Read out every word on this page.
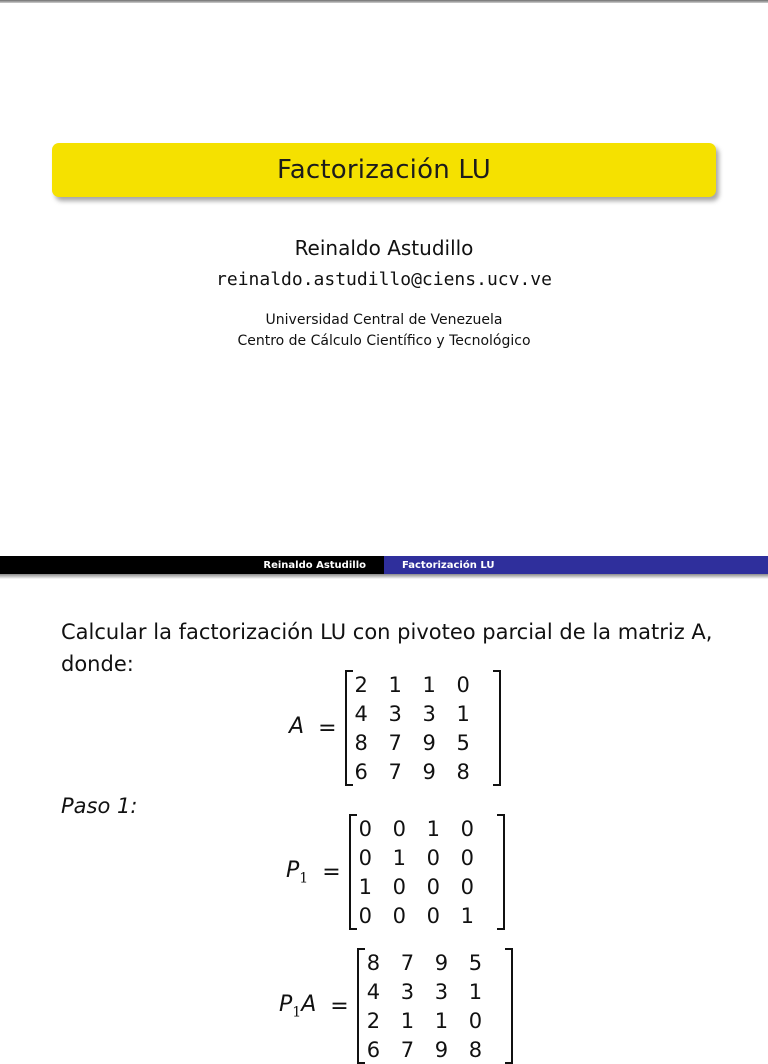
Factorización LU
Reinaldo Astudillo
reinaldo.astudillo@ciens.ucv.ve
Universidad Central de Venezuela
Centro de Cálculo Científico y Tecnológico
Reinaldo Astudillo	Factorización LU
Calcular la factorización LU con pivoteo parcial de la matriz A, donde:
A =
2 1 1 0
4 3 3 1
8 7 9 5
6 7 9 8
Paso 1:
$P_1$ =
0 0 1 0
0 1 0 0
1 0 0 0
0 0 0 1
$P_1A$ =
8 7 9 5
4 3 3 1
2 1 1 0
6 7 9 8
